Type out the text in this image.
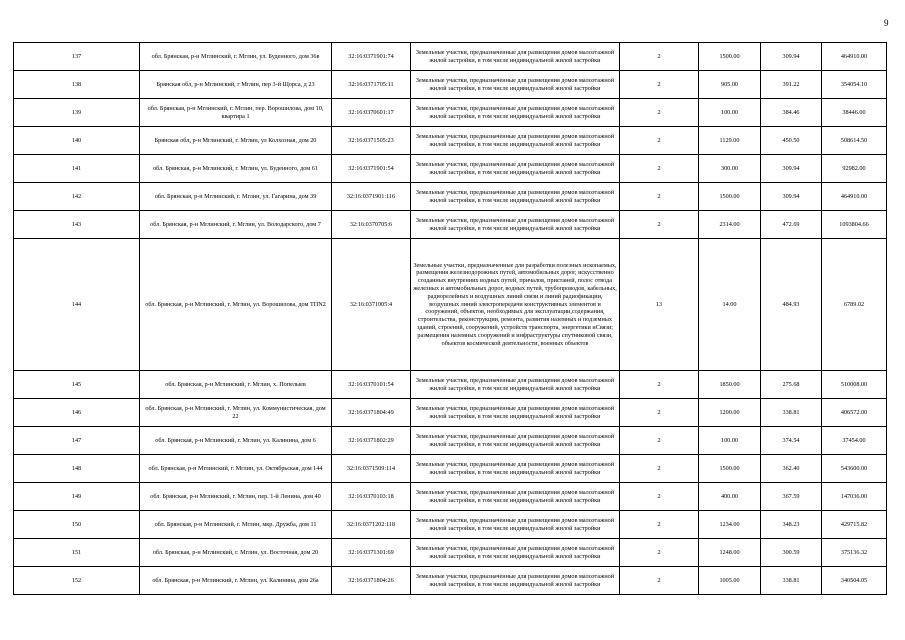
9
137	обл. Брянская, р-н Мглинский, г. Мглин, ул. Буденного, дом 36в	32:16:0371901:74	Земельные участки, предназначенные для размещения домов малоэтажной жилой застройки, в том числе индивидуальной жилой застройки	2	1500.00	309.94	464910.00
138	Брянская обл, р-н Мглинский, г Мглин, пер 3-й Щорса, д 23	32:16:0371705:11	Земельные участки, предназначенные для размещения домов малоэтажной жилой застройки, в том числе индивидуальной жилой застройки	2	905.00	391.22	354054.10
139	обл. Брянская, р-н Мглинский, г. Мглин, пер. Ворошилова, дом 10, квартира 1	32:16:0370601:17	Земельные участки, предназначенные для размещения домов малоэтажной жилой застройки, в том числе индивидуальной жилой застройки	2	100.00	384.46	38446.00
140	Брянская обл, р-н Мглинский, г. Мглин, ул Колхозная, дом 20	32:16:0371505:23	Земельные участки, предназначенные для размещения домов малоэтажной жилой застройки, в том числе индивидуальной жилой застройки	2	1129.00	450.50	508614.50
141	обл. Брянская, р-н Мглинский, г. Мглин, ул. Буденного, дом 61	32:16:0371901:54	Земельные участки, предназначенные для размещения домов малоэтажной жилой застройки, в том числе индивидуальной жилой застройки	2	300.00	309.94	92982.00
142	обл. Брянская, р-н Мглинский, г. Мглин, ул. Гагарина, дом 39	32:16:0371901:116	Земельные участки, предназначенные для размещения домов малоэтажной жилой застройки, в том числе индивидуальной жилой застройки	2	1500.00	309.94	464910.00
143	обл. Брянская, р-н Мглинский, г. Мглин, ул. Володарского, дом 7	32:16:0370705:6	Земельные участки, предназначенные для размещения домов малоэтажной жилой застройки, в том числе индивидуальной жилой застройки	2	2314.00	472.69	1093804.66
144	обл. Брянская, р-н Мглинский, г. Мглин, ул. Ворошилова, дом ТПN2	32:16:0371005:4	Земельные участки, предназначенные для разработки полезных ископаемых, размещения железнодорожных путей, автомобильных дорог, искусственно созданных внутренних водных путей, причалов, пристаней, полос отвода железных и автомобильных дорог, водных путей, трубопроводов, кабельных, радиорелейных и воздушных линий связи и линий радиофикации, воздушных линий электропередачи конструктивных элементов и сооружений, объектов, необходимых для эксплуатации,содержания, строительства, реконструкции, ремонта, развития наземных и подземных зданий, строений, сооружений, устройств транспорта, энергетики иСвязи; размещения наземных сооружений и инфраструктуры спутниковой связи, объектов космической деятельности, военных объектов	13	14.00	484.93	6789.02
145	обл. Брянская, р-н Мглинский, г. Мглин, х. Попелыев	32:16:0370101:54	Земельные участки, предназначенные для размещения домов малоэтажной жилой застройки, в том числе индивидуальной жилой застройки	2	1850.00	275.68	510008.00
146	обл. Брянская, р-н Мглинский, г. Мглин, ул. Коммунистическая, дом 22	32:16:0371804:49	Земельные участки, предназначенные для размещения домов малоэтажной жилой застройки, в том числе индивидуальной жилой застройки	2	1200.00	338.81	406572.00
147	обл. Брянская, р-н Мглинский, г. Мглин, ул. Калинина, дом 6	32:16:0371802:29	Земельные участки, предназначенные для размещения домов малоэтажной жилой застройки, в том числе индивидуальной жилой застройки	2	100.00	374.54	37454.00
148	обл. Брянская, р-н Мглинский, г. Мглин, ул. Октябрьская, дом 144	32:16:0371509:114	Земельные участки, предназначенные для размещения домов малоэтажной жилой застройки, в том числе индивидуальной жилой застройки	2	1500.00	362.40	543600.00
149	обл. Брянская, р-н Мглинский, г. Мглин, пер. 1-й Ленина, дом 40	32:16:0370103:18	Земельные участки, предназначенные для размещения домов малоэтажной жилой застройки, в том числе индивидуальной жилой застройки	2	400.00	367.59	147036.00
150	обл. Брянская, р-н Мглинский, г. Мглин, мкр. Дружба, дом 11	32:16:0371202:118	Земельные участки, предназначенные для размещения домов малоэтажной жилой застройки, в том числе индивидуальной жилой застройки	2	1234.00	348.23	429715.82
151	обл. Брянская, р-н Мглинский, г. Мглин, ул. Восточная, дом 20	32:16:0371301:69	Земельные участки, предназначенные для размещения домов малоэтажной жилой застройки, в том числе индивидуальной жилой застройки	2	1248.00	300.59	375136.32
152	обл. Брянская, р-н Мглинский, г. Мглин, ул. Калинина, дом 26а	32:16:0371804:26	Земельные участки, предназначенные для размещения домов малоэтажной жилой застройки, в том числе индивидуальной жилой застройки	2	1005.00	338.81	340504.05
